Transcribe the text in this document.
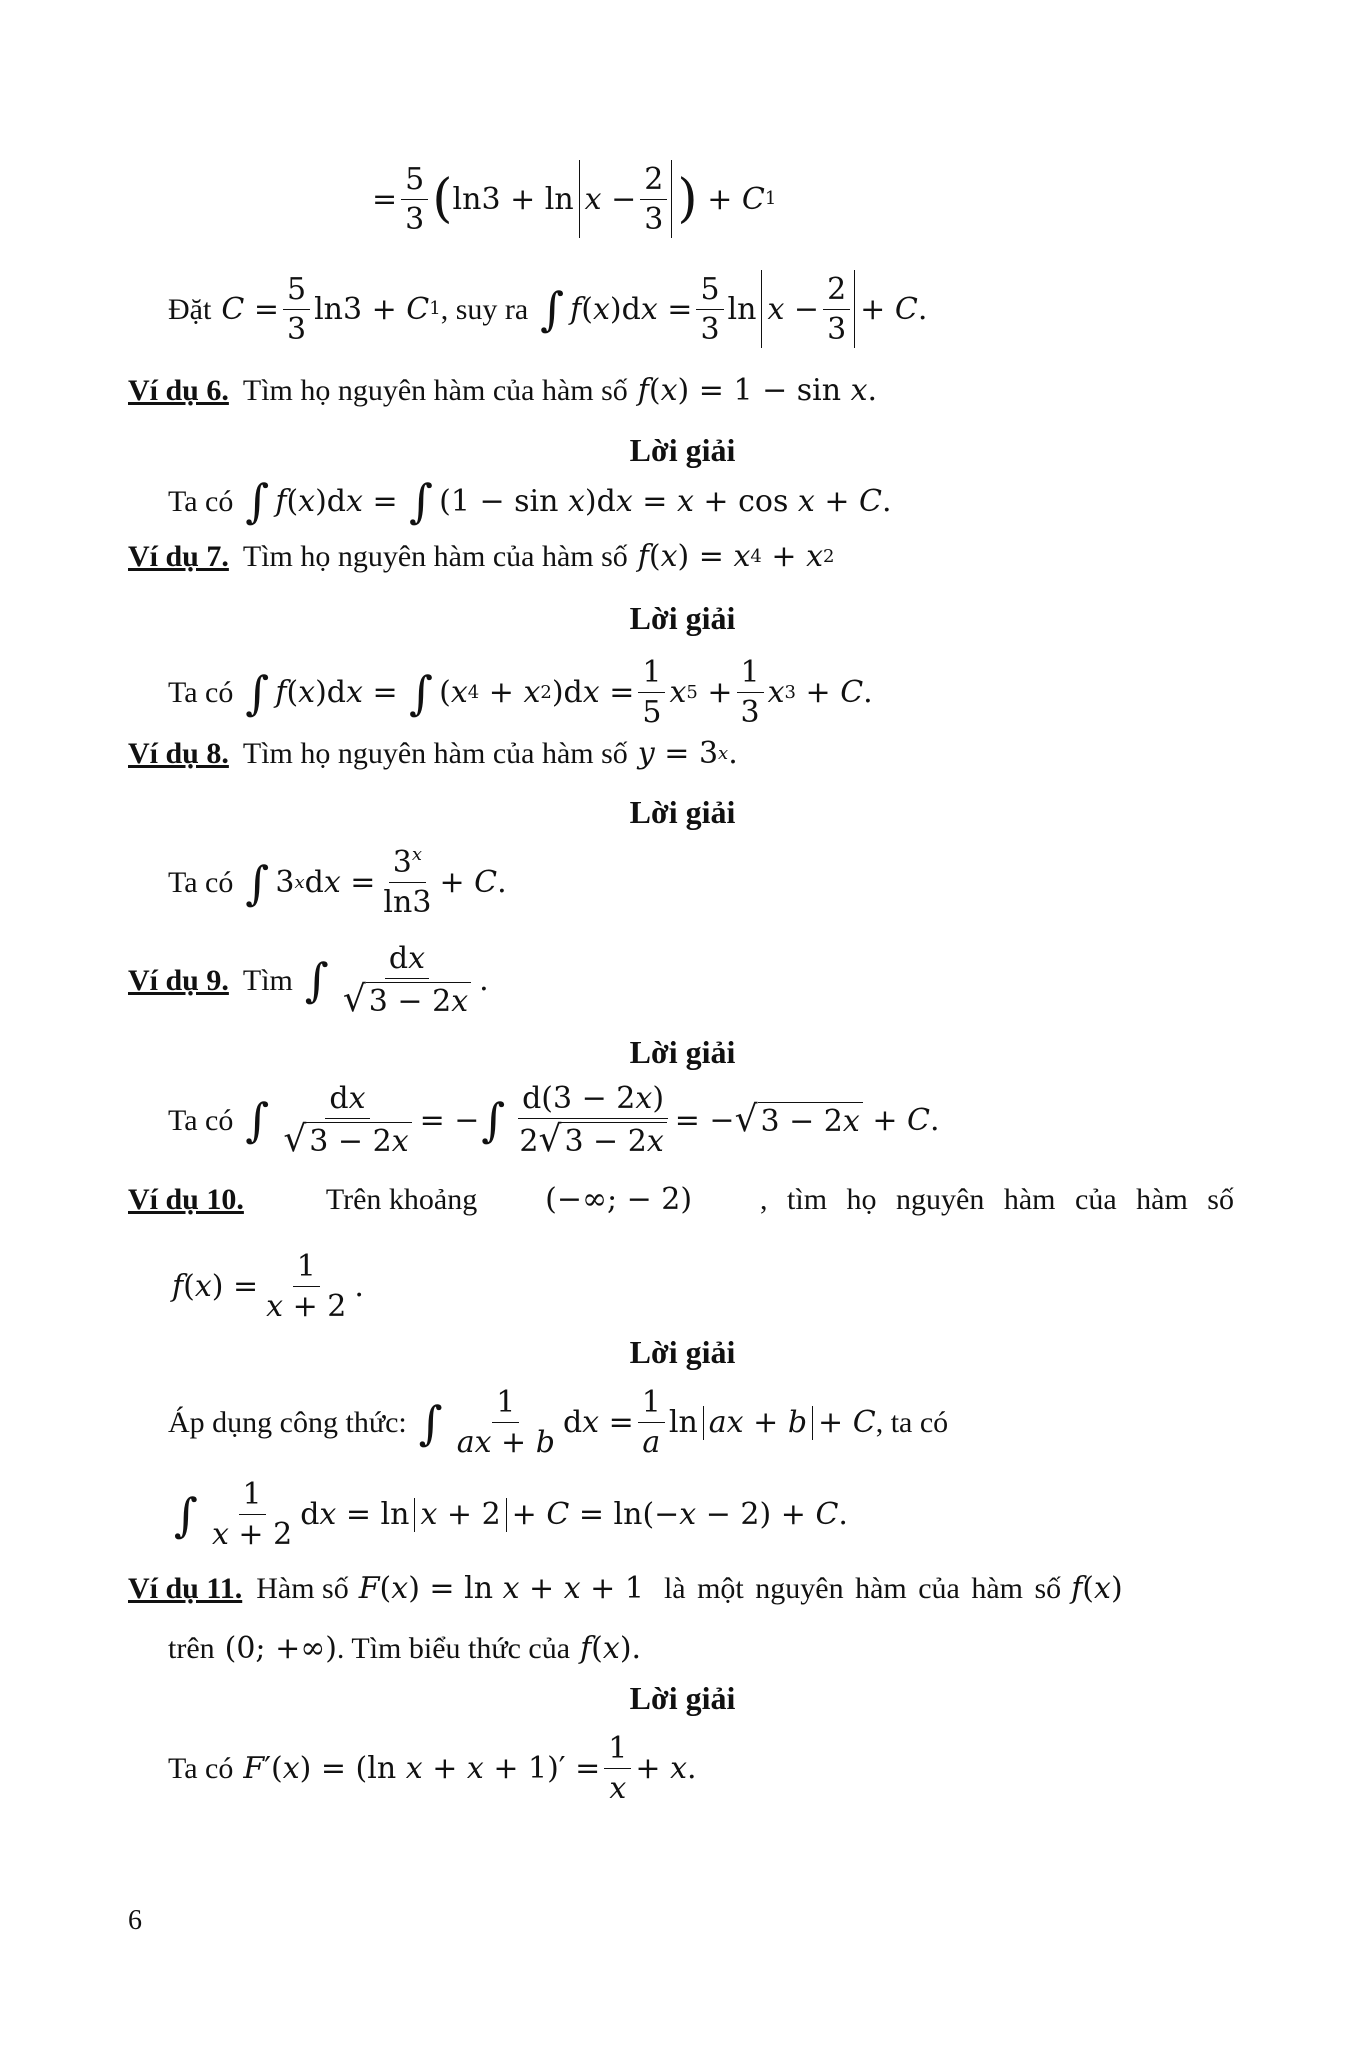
= $\frac{5}{3}$ ( $\ln 3 + \ln x - \frac{2}{3}$ ) + C 1
Đặt $C = \frac{5}{3} \ln 3 + C$ 1 , suy ra ∫ f ( x )d $x = \frac{5}{3}$ $\ln x - \frac{2}{3} + C$ .
Ví dụ 6. Tìm họ nguyên hàm của hàm số f ( x ) = 1 − sin x .
Lời giải
Ta có ∫ f ( x )d x = ∫ (1 − sin x )d x = x + cos x + C .
Ví dụ 7. Tìm họ nguyên hàm của hàm số f ( x ) = x 4 + x 2
Lời giải
Ta có ∫ f ( x )d x = ∫ ( x 4 + x 2 )d $x = \frac{1}{5}$ x $5 + \frac{1}{3}$ x 3 + C .
Ví dụ 8. Tìm họ nguyên hàm của hàm số y = 3 x .
Lời giải
Ta có ∫ 3 x d $x = \frac{3^x}{\ln 3} + C$ .
Ví dụ 9. Tìm ∫ $\frac{dx}{√ 3 - 2x}$ .
Lời giải
Ta có ∫ $\frac{dx}{√ 3 - 2x}$ = − ∫ $\frac{d(3 - 2x)}{2 √ 3 - 2x}$ = − √ 3 − 2x + C .
Ví dụ 10.	Trên khoảng (−∞; − 2) , tìm họ nguyên hàm của hàm số
f ( x ) = $\frac{1}{x + 2}$ .
Lời giải
Áp dụng công thức: ∫ $\frac{1}{ax + b}$ d $x = \frac{1}{a}$ ln ax + b + C , ta có
∫ $\frac{1}{x + 2}$ d x = ln x + 2 + C = ln(− x − 2) + C .
Ví dụ 11. Hàm số F ( x ) = ln x + x + 1 là một nguyên hàm của hàm số f ( x )
trên (0; +∞) . Tìm biểu thức của f ( x ).
Lời giải
Ta có F ′( x ) = (ln $x + x + 1)' = \frac{1}{x} + x$ .
6
